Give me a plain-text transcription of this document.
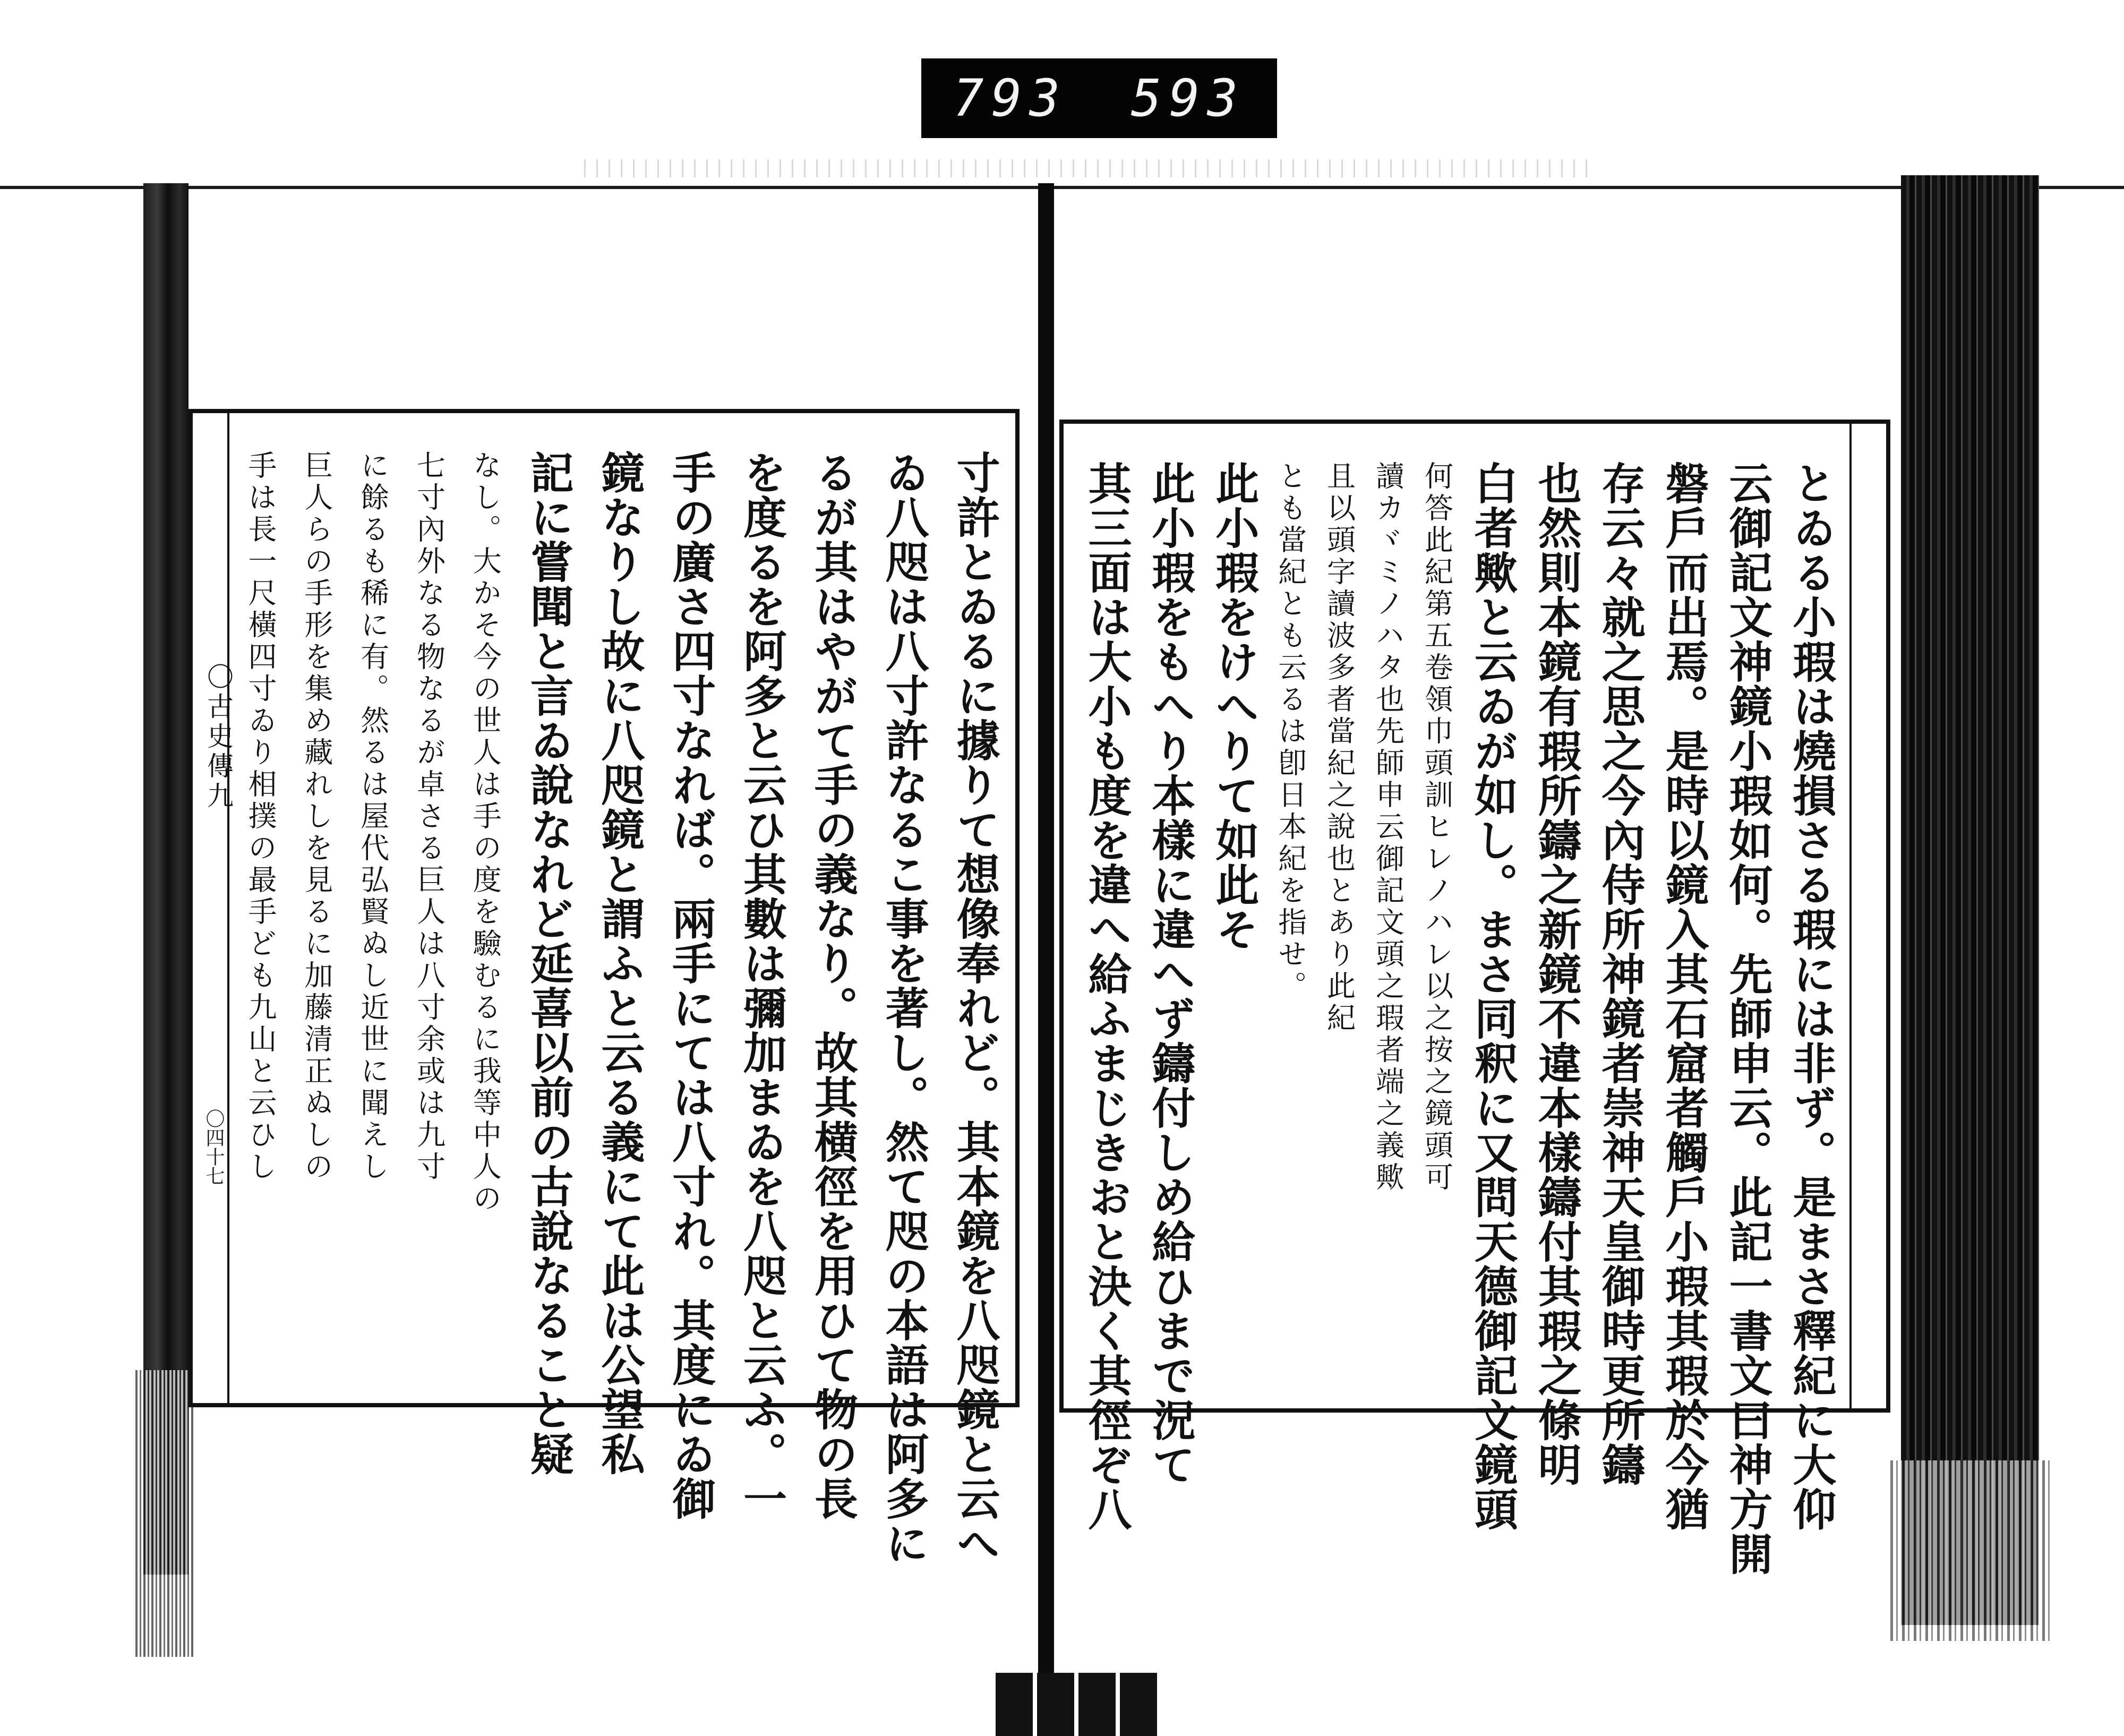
793 593
〇古史傳九
〇四十七	寸許とゐるに據りて想像奉れど。其本鏡を八咫鏡と云へ
ゐ八咫は八寸許なるこ事を著し。然て咫の本語は阿多に
るが其はやがて手の義なり。故其横徑を用ひて物の長
を度るを阿多と云ひ其數は彌加まゐを八咫と云ふ。一
手の廣さ四寸なれば。兩手にては八寸れ。其度にゐ御
鏡なりし故に八咫鏡と謂ふと云る義にて此は公望私
記に嘗聞と言ゐ說なれど延喜以前の古說なること疑
なし。大かそ今の世人は手の度を驗むるに我等中人の
七寸內外なる物なるが卓さる巨人は八寸余或は九寸
に餘るも稀に有。然るは屋代弘賢ぬし近世に聞えし
巨人らの手形を集め藏れしを見るに加藤清正ぬしの
手は長一尺橫四寸ゐり相撲の最手ども九山と云ひし	とゐる小瑕は燒損さる瑕には非ず。是まさ釋紀に大仰
云御記文神鏡小瑕如何。先師申云。此記一書文曰神方開
磐戶而出焉。是時以鏡入其石窟者觸戶小瑕其瑕於今猶
存云々就之思之今內侍所神鏡者崇神天皇御時更所鑄
也然則本鏡有瑕所鑄之新鏡不違本樣鑄付其瑕之條明
白者歟と云ゐが如し。まさ同釈に又問天德御記文鏡頭
何答此紀第五卷領巾頭訓ヒレノハレ以之按之鏡頭可
讀カヾミノハタ也先師申云御記文頭之瑕者端之義歟
且以頭字讀波多者當紀之說也とあり此紀
とも當紀とも云るは卽日本紀を指せ。
此小瑕をけへりて如此そ
此小瑕をもへり本樣に違へず鑄付しめ給ひまで況て
其三面は大小も度を違へ給ふまじきおと決く其徑ぞ八
